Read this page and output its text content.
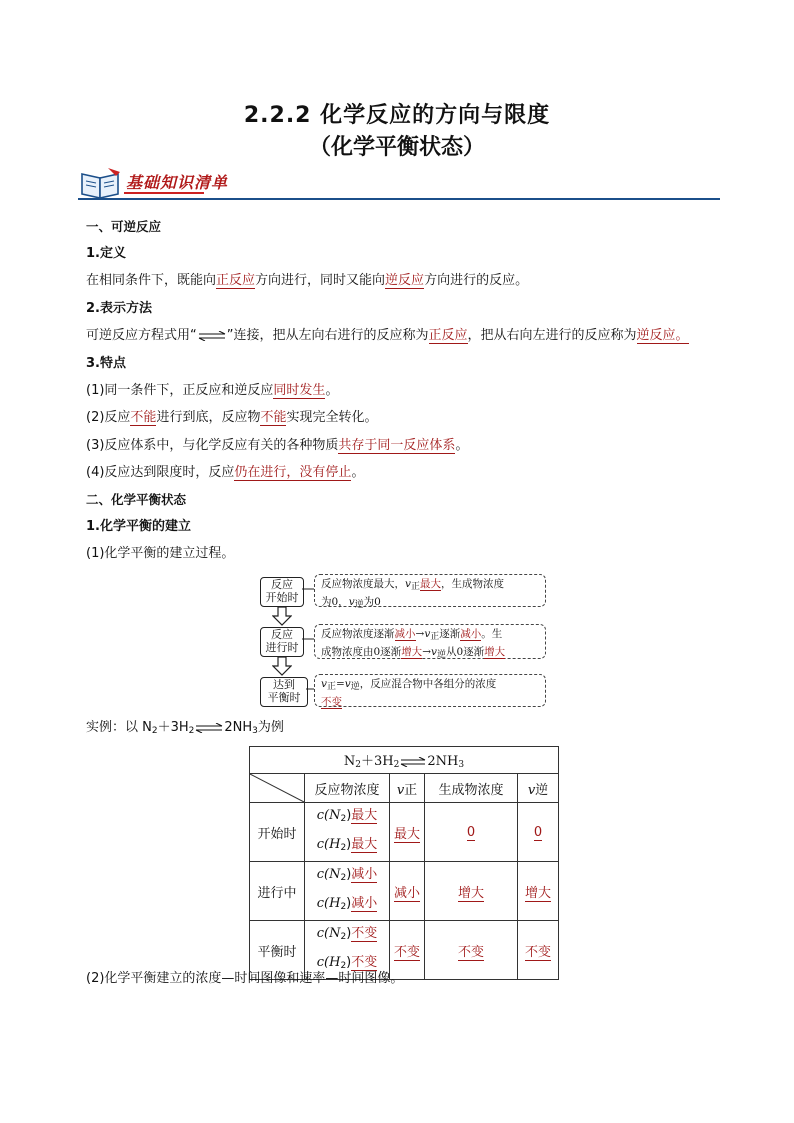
2.2.2 化学反应的方向与限度
（化学平衡状态）
基础知识清单
一、可逆反应
1.定义
在相同条件下，既能向正反应方向进行，同时又能向逆反应方向进行的反应。
2.表示方法
可逆反应方程式用“⇌”连接，把从左向右进行的反应称为正反应，把从右向左进行的反应称为逆反应。
3.特点
(1)同一条件下，正反应和逆反应同时发生。
(2)反应不能进行到底，反应物不能实现完全转化。
(3)反应体系中，与化学反应有关的各种物质共存于同一反应体系。
(4)反应达到限度时，反应仍在进行，没有停止。
二、化学平衡状态
1.化学平衡的建立
(1)化学平衡的建立过程。
反应
开始时
反应
进行时
达到
平衡时
反应物浓度最大，v正最大，生成物浓度
为0，v逆为0
反应物浓度逐渐减小→v正逐渐减小。生
成物浓度由0逐渐增大→v逆从0逐渐增大
v正=v逆，反应混合物中各组分的浓度
不变
实例：以 $N_2+3H_2\rightleftharpoons 2NH_3$为例
$N_2+3H_2\rightleftharpoons 2NH_3$

	反应物浓度	v正	生成物浓度	v逆
开始时	$c(N_2)$最大
$c(H_2)$最大	最大	0	0
进行中	$c(N_2)$减小
$c(H_2)$减小	减小	增大	增大
平衡时	$c(N_2)$不变
$c(H_2)$不变	不变	不变	不变
(2)化学平衡建立的浓度—时间图像和速率—时间图像。
